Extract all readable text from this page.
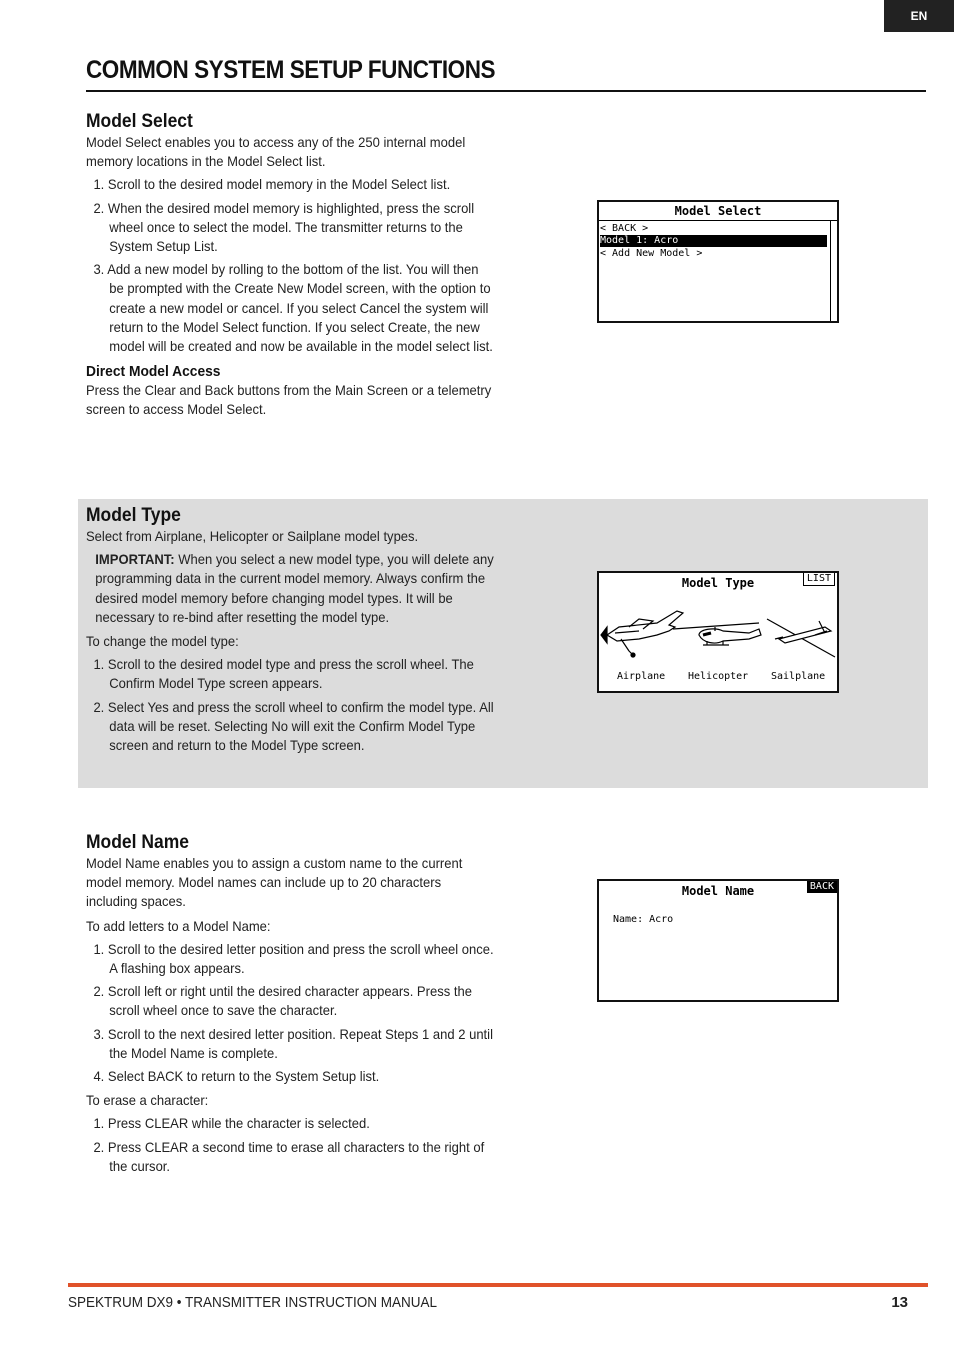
EN
COMMON SYSTEM SETUP FUNCTIONS
Model Select

Model Select enables you to access any of the 250 internal model memory locations in the Model Select list.

1. Scroll to the desired model memory in the Model Select list.
2. When the desired model memory is highlighted, press the scroll wheel once to select the model. The transmitter returns to the System Setup List.
3. Add a new model by rolling to the bottom of the list. You will then be prompted with the Create New Model screen, with the option to create a new model or cancel. If you select Cancel the system will return to the Model Select function. If you select Create, the new model will be created and now be available in the model select list.
Direct Model Access

Press the Clear and Back buttons from the Main Screen or a telemetry screen to access Model Select.

Model Select
< BACK >
Model 1: Acro
< Add New Model >
Model Type

Select from Airplane, Helicopter or Sailplane model types.

IMPORTANT: When you select a new model type, you will delete any programming data in the current model memory. Always confirm the desired model memory before changing model types. It will be necessary to re-bind after resetting the model type.

To change the model type:

1. Scroll to the desired model type and press the scroll wheel. The Confirm Model Type screen appears.
2. Select Yes and press the scroll wheel to confirm the model type. All data will be reset. Selecting No will exit the Confirm Model Type screen and return to the Model Type screen.
Model Type	LIST
Airplane Helicopter Sailplane
Model Name

Model Name enables you to assign a custom name to the current model memory. Model names can include up to 20 characters including spaces.

To add letters to a Model Name:

1. Scroll to the desired letter position and press the scroll wheel once. A flashing box appears.
2. Scroll left or right until the desired character appears. Press the scroll wheel once to save the character.
3. Scroll to the next desired letter position. Repeat Steps 1 and 2 until the Model Name is complete.
4. Select BACK to return to the System Setup list.

To erase a character:

1. Press CLEAR while the character is selected.
2. Press CLEAR a second time to erase all characters to the right of the cursor.
Model Name	BACK
Name: Acro
SPEKTRUM DX9 • TRANSMITTER INSTRUCTION MANUAL	13
